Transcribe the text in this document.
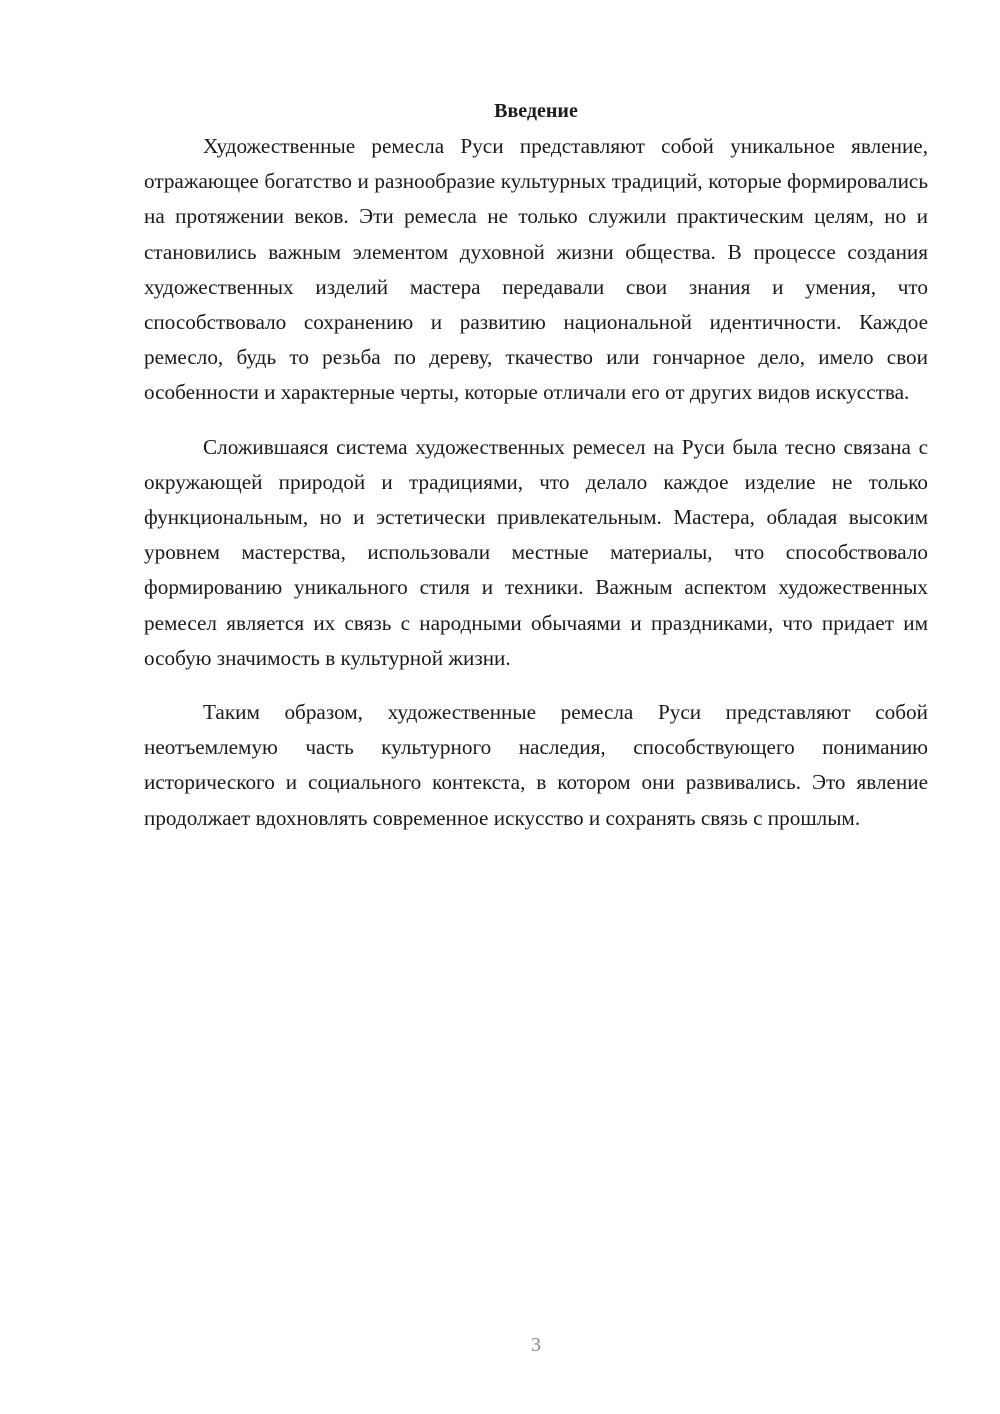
Введение

Художественные ремесла Руси представляют собой уникальное явление, отражающее богатство и разнообразие культурных традиций, которые формировались на протяжении веков. Эти ремесла не только служили практическим целям, но и становились важным элементом духовной жизни общества. В процессе создания художественных изделий мастера передавали свои знания и умения, что способствовало сохранению и развитию национальной идентичности. Каждое ремесло, будь то резьба по дереву, ткачество или гончарное дело, имело свои особенности и характерные черты, которые отличали его от других видов искусства.

Сложившаяся система художественных ремесел на Руси была тесно связана с окружающей природой и традициями, что делало каждое изделие не только функциональным, но и эстетически привлекательным. Мастера, обладая высоким уровнем мастерства, использовали местные материалы, что способствовало формированию уникального стиля и техники. Важным аспектом художественных ремесел является их связь с народными обычаями и праздниками, что придает им особую значимость в культурной жизни.

Таким образом, художественные ремесла Руси представляют собой неотъемлемую часть культурного наследия, способствующего пониманию исторического и социального контекста, в котором они развивались. Это явление продолжает вдохновлять современное искусство и сохранять связь с прошлым.

3
